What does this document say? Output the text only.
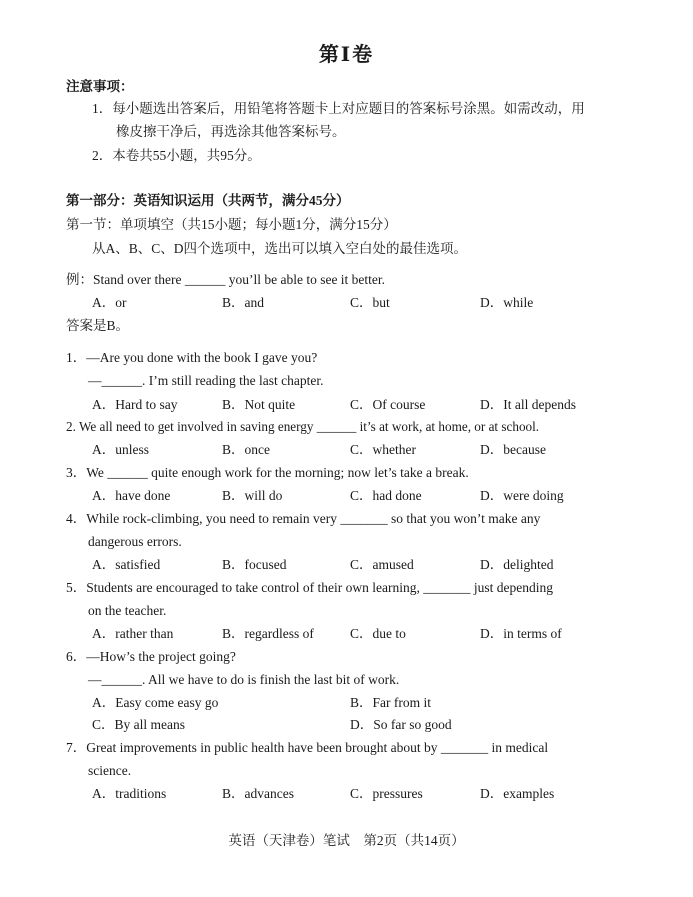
第Ⅰ卷
注意事项：
1．每小题选出答案后，用铅笔将答题卡上对应题目的答案标号涂黑。如需改动，用
橡皮擦干净后，再选涂其他答案标号。
2．本卷共55小题，共95分。
第一部分：英语知识运用（共两节，满分45分）
第一节：单项填空（共15小题；每小题1分，满分15分）
从A、B、C、D四个选项中，选出可以填入空白处的最佳选项。
例：Stand over there ______ you’ll be able to see it better.
A．or	B．and	C．but	D．while
答案是B。
1．—Are you done with the book I gave you?
—______. I’m still reading the last chapter.
A．Hard to say	B．Not quite	C．Of course	D．It all depends
2. We all need to get involved in saving energy ______ it’s at work, at home, or at school.
A．unless	B．once	C．whether	D．because
3．We ______ quite enough work for the morning; now let’s take a break.
A．have done	B．will do	C．had done	D．were doing
4．While rock-climbing, you need to remain very _______ so that you won’t make any
dangerous errors.
A．satisfied	B．focused	C．amused	D．delighted
5．Students are encouraged to take control of their own learning, _______ just depending
on the teacher.
A．rather than	B．regardless of	C．due to	D．in terms of
6．—How’s the project going?
—______. All we have to do is finish the last bit of work.
A．Easy come easy go	B．Far from it
C．By all means	D．So far so good
7．Great improvements in public health have been brought about by _______ in medical
science.
A．traditions	B．advances	C．pressures	D．examples
英语（天津卷）笔试　第2页（共14页）
